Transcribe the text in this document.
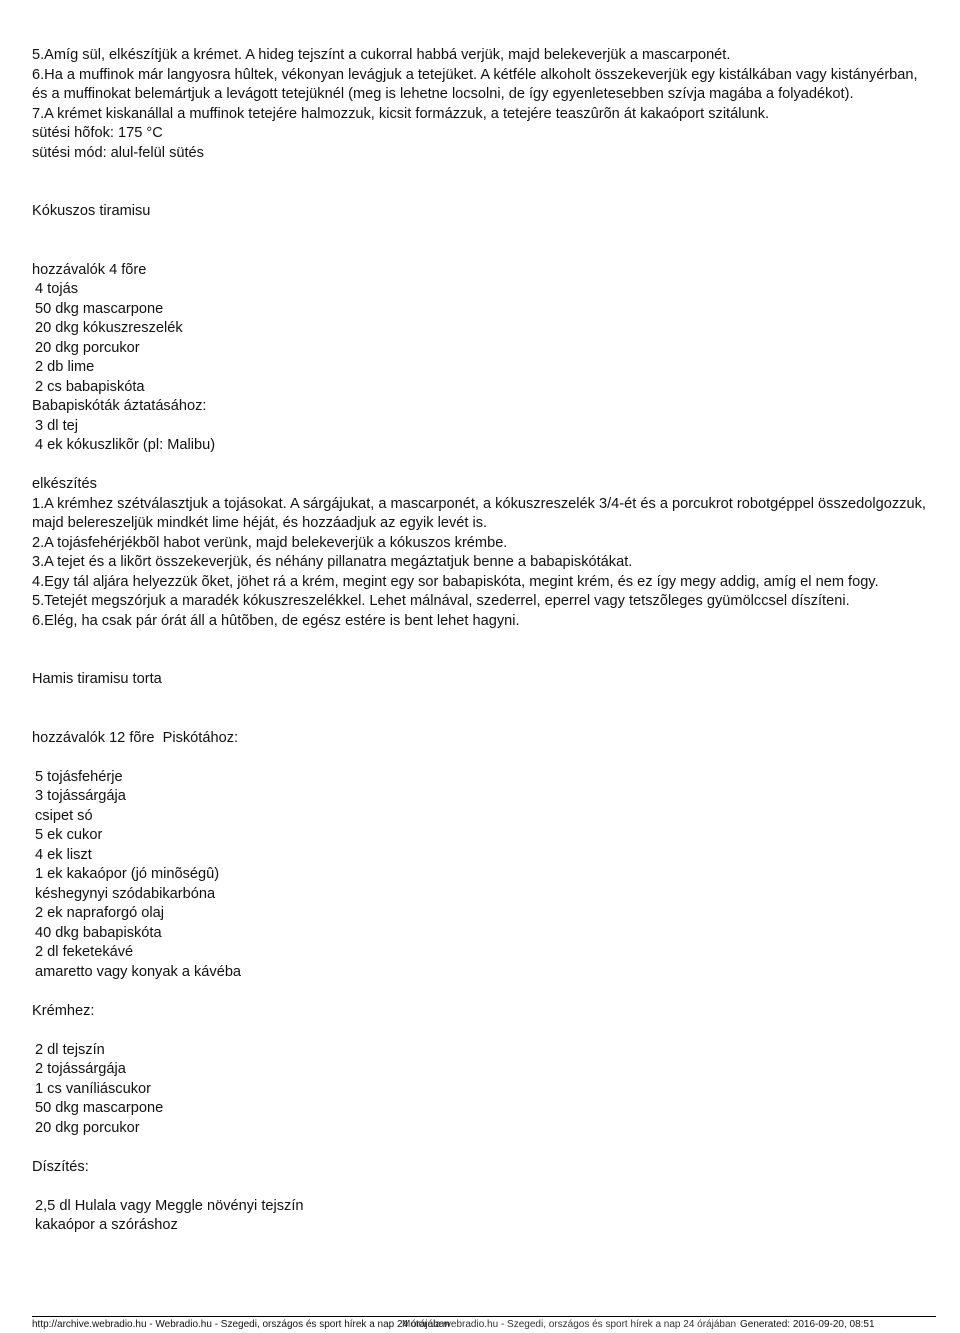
5.Amíg sül, elkészítjük a krémet. A hideg tejszínt a cukorral habbá verjük, majd belekeverjük a mascarponét.
6.Ha a muffinok már langyosra hûltek, vékonyan levágjuk a tetejüket. A kétféle alkoholt összekeverjük egy kistálkában vagy kistányérban, és a muffinokat belemártjuk a levágott tetejüknél (meg is lehetne locsolni, de így egyenletesebben szívja magába a folyadékot).
7.A krémet kiskanállal a muffinok tetejére halmozzuk, kicsit formázzuk, a tetejére teaszûrõn át kakaóport szitálunk.
sütési hõfok: 175 °C
sütési mód: alul-felül sütés
Kókuszos tiramisu
hozzávalók 4 fõre
4 tojás
50 dkg mascarpone
20 dkg kókuszreszelék
20 dkg porcukor
2 db lime
2 cs babapiskóta
Babapiskóták áztatásához:
3 dl tej
4 ek kókuszlikõr (pl: Malibu)
elkészítés
1.A krémhez szétválasztjuk a tojásokat. A sárgájukat, a mascarponét, a kókuszreszelék 3/4-ét és a porcukrot robotgéppel összedolgozzuk, majd belereszeljük mindkét lime héját, és hozzáadjuk az egyik levét is.
2.A tojásfehérjékbõl habot verünk, majd belekeverjük a kókuszos krémbe.
3.A tejet és a likõrt összekeverjük, és néhány pillanatra megáztatjuk benne a babapiskótákat.
4.Egy tál aljára helyezzük õket, jöhet rá a krém, megint egy sor babapiskóta, megint krém, és ez így megy addig, amíg el nem fogy.
5.Tetejét megszórjuk a maradék kókuszreszelékkel. Lehet málnával, szederrel, eperrel vagy tetszõleges gyümölccsel díszíteni.
6.Elég, ha csak pár órát áll a hûtõben, de egész estére is bent lehet hagyni.
Hamis tiramisu torta
hozzávalók 12 fõre  Piskótához:
5 tojásfehérje
3 tojássárgája
csipet só
5 ek cukor
4 ek liszt
1 ek kakaópor (jó minõségû)
késhegynyi szódabikarbóna
2 ek napraforgó olaj
40 dkg babapiskóta
2 dl feketekávé
amaretto vagy konyak a kávéba
Krémhez:
2 dl tejszín
2 tojássárgája
1 cs vaníliáscukor
50 dkg mascarpone
20 dkg porcukor
Díszítés:
2,5 dl Hulala vagy Meggle növényi tejszín
kakaópor a szóráshoz
http://archive.webradio.hu - Webradio.hu - Szegedi, országos és sport hírek a nap 24 órájában
Motorola webradio.hu - Szegedi, országos és sport hírek a nap 24 órájában Generated: 2016-09-20, 08:51
